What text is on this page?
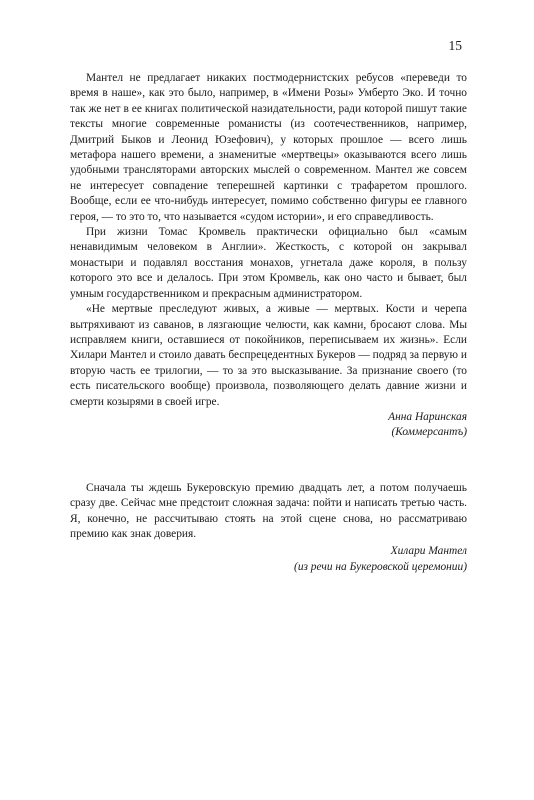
15

Мантел не предлагает никаких постмодернистских ребусов «переведи то время в наше», как это было, например, в «Имени Розы» Умберто Эко. И точно так же нет в ее книгах политической назидательности, ради которой пишут такие тексты многие современные романисты (из соотечественников, например, Дмитрий Быков и Леонид Юзефович), у которых прошлое — всего лишь метафора нашего времени, а знаменитые «мертвецы» оказываются всего лишь удобными трансляторами авторских мыслей о современном. Мантел же совсем не интересует совпадение теперешней картинки с трафаретом прошлого. Вообще, если ее что-нибудь интересует, помимо собственно фигуры ее главного героя, — то это то, что называется «судом истории», и его справедливость.

При жизни Томас Кромвель практически официально был «самым ненавидимым человеком в Англии». Жесткость, с которой он закрывал монастыри и подавлял восстания монахов, угнетала даже короля, в пользу которого это все и делалось. При этом Кромвель, как оно часто и бывает, был умным государственником и прекрасным администратором.

«Не мертвые преследуют живых, а живые — мертвых. Кости и черепа вытряхивают из саванов, в лязгающие челюсти, как камни, бросают слова. Мы исправляем книги, оставшиеся от покойников, переписываем их жизнь». Если Хилари Мантел и стоило давать беспрецедентных Букеров — подряд за первую и вторую часть ее трилогии, — то за это высказывание. За признание своего (то есть писательского вообще) произвола, позволяющего делать давние жизни и смерти козырями в своей игре.

Анна Наринская
(Коммерсантъ)

Сначала ты ждешь Букеровскую премию двадцать лет, а потом получаешь сразу две. Сейчас мне предстоит сложная задача: пойти и написать третью часть. Я, конечно, не рассчитываю стоять на этой сцене снова, но рассматриваю премию как знак доверия.

Хилари Мантел
(из речи на Букеровской церемонии)
